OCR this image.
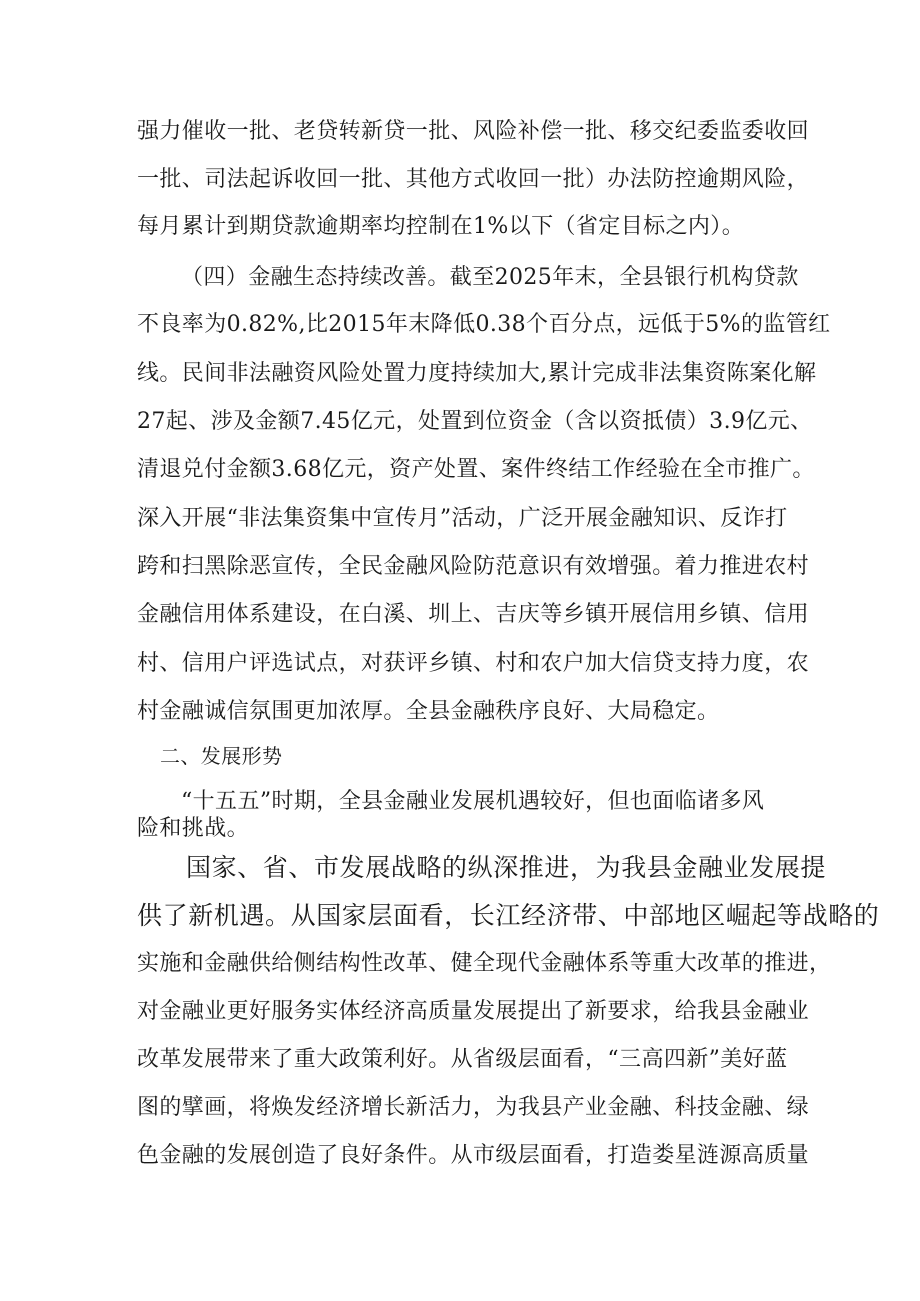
强力催收一批、老贷转新贷一批、风险补偿一批、移交纪委监委收回
一批、司法起诉收回一批、其他方式收回一批）办法防控逾期风险，
每月累计到期贷款逾期率均控制在1%以下（省定目标之内）。
（四）金融生态持续改善。截至2025年末，全县银行机构贷款
不良率为0.82%,比2015年末降低0.38个百分点，远低于5%的监管红
线。民间非法融资风险处置力度持续加大,累计完成非法集资陈案化解
27起、涉及金额7.45亿元，处置到位资金（含以资抵债）3.9亿元、
清退兑付金额3.68亿元，资产处置、案件终结工作经验在全市推广。
深入开展“非法集资集中宣传月”活动，广泛开展金融知识、反诈打
跨和扫黑除恶宣传，全民金融风险防范意识有效增强。着力推进农村
金融信用体系建设，在白溪、圳上、吉庆等乡镇开展信用乡镇、信用
村、信用户评选试点，对获评乡镇、村和农户加大信贷支持力度，农
村金融诚信氛围更加浓厚。全县金融秩序良好、大局稳定。
二、发展形势
“十五五”时期，全县金融业发展机遇较好，但也面临诸多风
险和挑战。
国家、省、市发展战略的纵深推进，为我县金融业发展提
供了新机遇。从国家层面看，长江经济带、中部地区崛起等战略的
实施和金融供给侧结构性改革、健全现代金融体系等重大改革的推进，
对金融业更好服务实体经济高质量发展提出了新要求，给我县金融业
改革发展带来了重大政策利好。从省级层面看，“三高四新”美好蓝
图的擘画，将焕发经济增长新活力，为我县产业金融、科技金融、绿
色金融的发展创造了良好条件。从市级层面看，打造娄星涟源高质量
